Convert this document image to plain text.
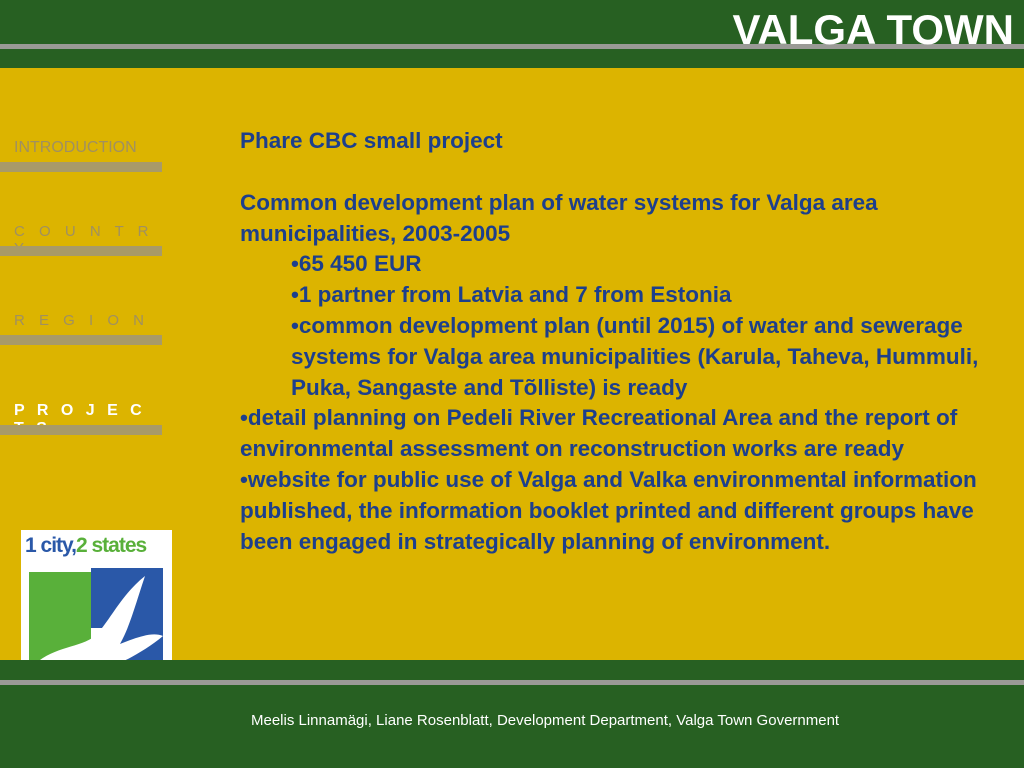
VALGA TOWN
INTRODUCTION
C O U N T R
R E G I O N
P R O J E C

Phare CBC small project

Common development plan of water systems for Valga area municipalities, 2003-2005

•65 450 EUR

•1 partner from Latvia and 7 from Estonia

•common development plan (until 2015) of water and sewerage systems for Valga area municipalities (Karula, Taheva, Hummuli, Puka, Sangaste and Tõlliste) is ready

•detail planning on Pedeli River Recreational Area and the report of environmental assessment on reconstruction works are ready

•website for public use of Valga and Valka environmental information published, the information booklet printed and different groups have been engaged in strategically planning of environment.

1 city,2 states
Meelis Linnamägi, Liane Rosenblatt, Development Department, Valga Town Government
